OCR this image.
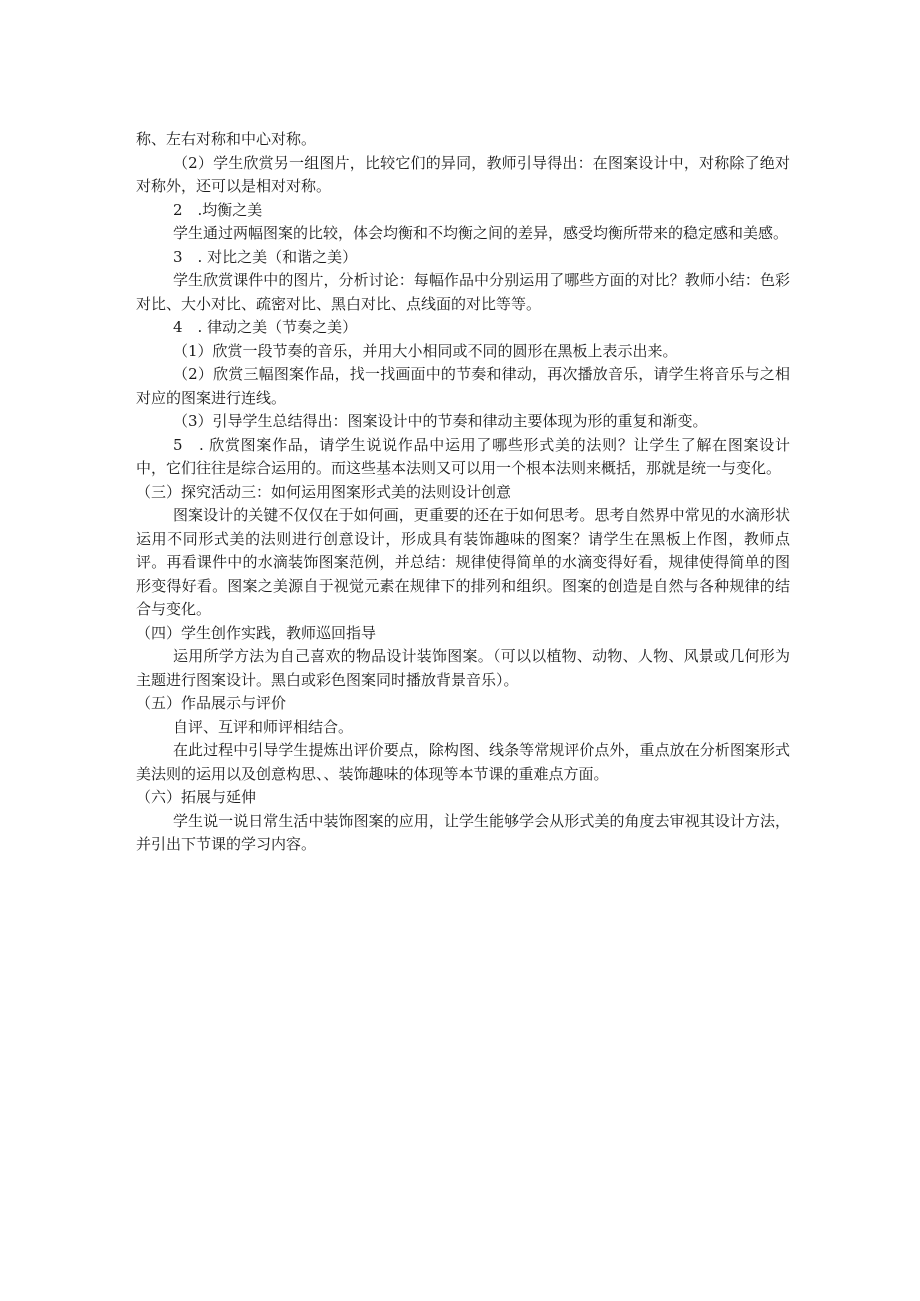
称、左右对称和中心对称。

（2）学生欣赏另一组图片，比较它们的异同，教师引导得出：在图案设计中，对称除了绝对对称外，还可以是相对对称。

2　.均衡之美

学生通过两幅图案的比较，体会均衡和不均衡之间的差异，感受均衡所带来的稳定感和美感。

3　. 对比之美（和谐之美）

学生欣赏课件中的图片，分析讨论：每幅作品中分别运用了哪些方面的对比？教师小结：色彩对比、大小对比、疏密对比、黑白对比、点线面的对比等等。

4　. 律动之美（节奏之美）

（1）欣赏一段节奏的音乐，并用大小相同或不同的圆形在黑板上表示出来。

（2）欣赏三幅图案作品，找一找画面中的节奏和律动，再次播放音乐，请学生将音乐与之相对应的图案进行连线。

（3）引导学生总结得出：图案设计中的节奏和律动主要体现为形的重复和渐变。

5　. 欣赏图案作品，请学生说说作品中运用了哪些形式美的法则？让学生了解在图案设计中，它们往往是综合运用的。而这些基本法则又可以用一个根本法则来概括，那就是统一与变化。

（三）探究活动三：如何运用图案形式美的法则设计创意

图案设计的关键不仅仅在于如何画，更重要的还在于如何思考。思考自然界中常见的水滴形状运用不同形式美的法则进行创意设计，形成具有装饰趣味的图案？请学生在黑板上作图，教师点评。再看课件中的水滴装饰图案范例，并总结：规律使得简单的水滴变得好看，规律使得简单的图形变得好看。图案之美源自于视觉元素在规律下的排列和组织。图案的创造是自然与各种规律的结合与变化。

（四）学生创作实践，教师巡回指导

运用所学方法为自己喜欢的物品设计装饰图案。（可以以植物、动物、人物、风景或几何形为主题进行图案设计。黑白或彩色图案同时播放背景音乐）。

（五）作品展示与评价

自评、互评和师评相结合。

在此过程中引导学生提炼出评价要点，除构图、线条等常规评价点外，重点放在分析图案形式美法则的运用以及创意构思、、装饰趣味的体现等本节课的重难点方面。

（六）拓展与延伸

学生说一说日常生活中装饰图案的应用，让学生能够学会从形式美的角度去审视其设计方法，并引出下节课的学习内容。
